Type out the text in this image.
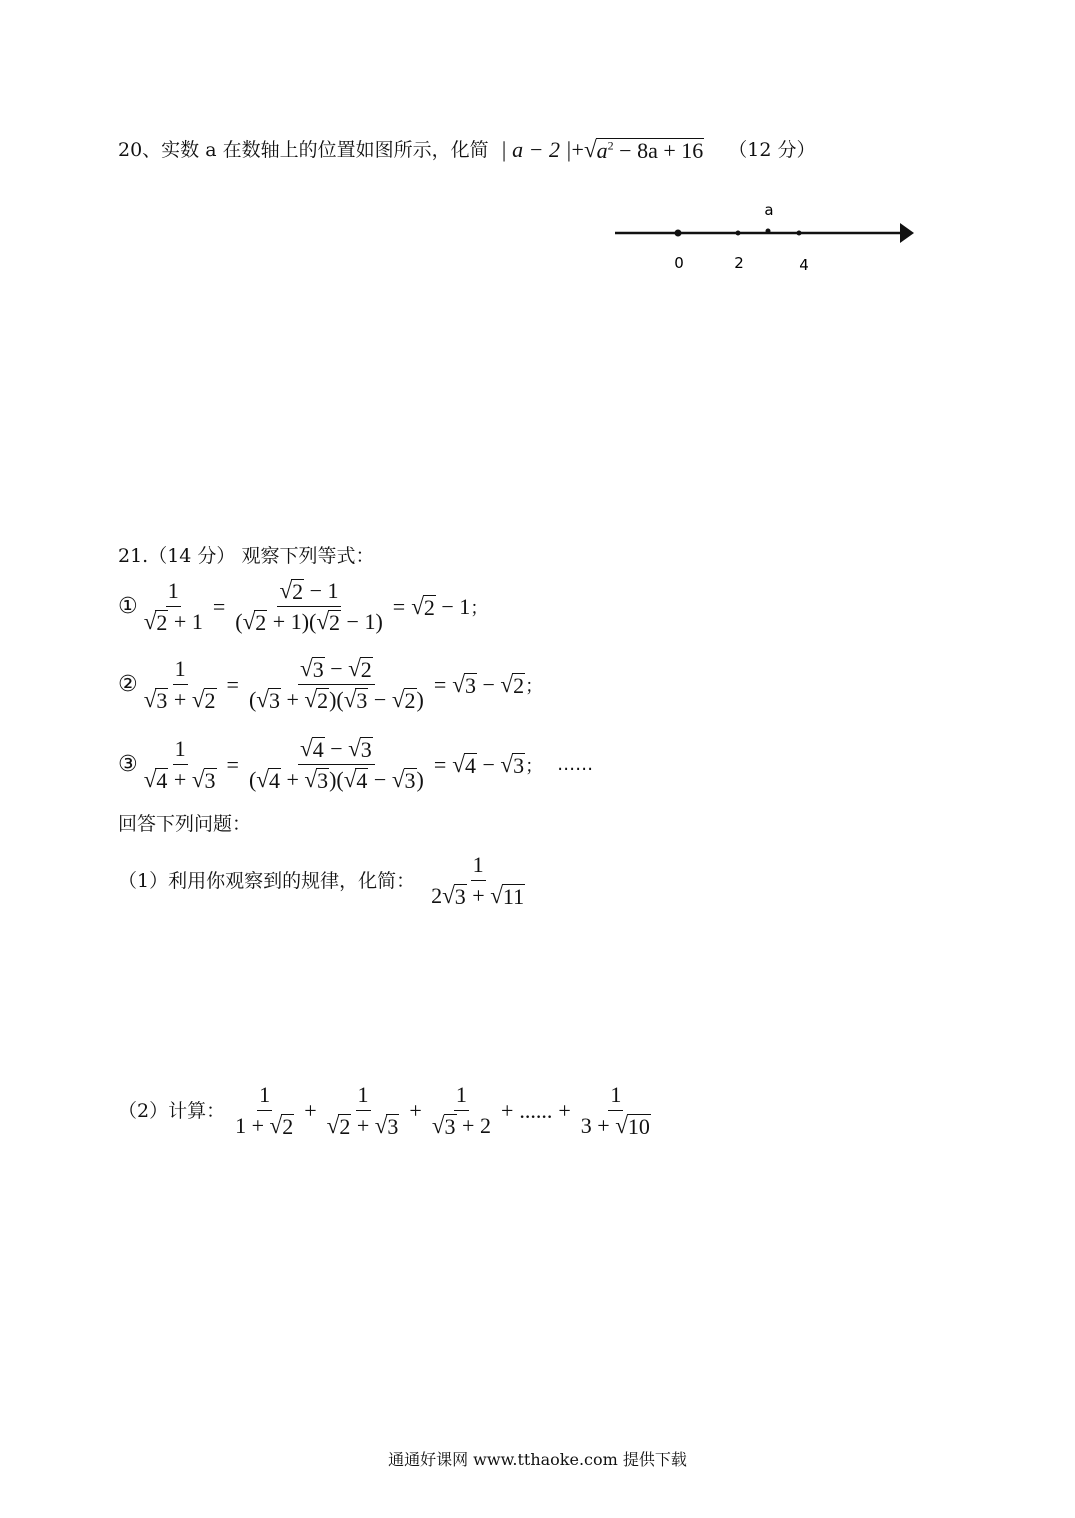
20、实数 a 在数轴上的位置如图所示，化简 | a − 2 | + √ $a^2 - 8a + 16$ （12 分）
a
0	2	4
21.（14 分） 观察下列等式：
① $\frac{1}{√ 2 + 1} = \frac{√ 2 - 1}{( √ 2 + 1)( √ 2 - 1)}$ = √ 2 − 1 ；
② $\frac{1}{√ 3 + √ 2} = \frac{√ 3 - √ 2}{( √ 3 + √ 2 )( √ 3 - √ 2 )}$ = √ 3 − √ 2 ；
③ $\frac{1}{√ 4 + √ 3} = \frac{√ 4 - √ 3}{( √ 4 + √ 3 )( √ 4 - √ 3 )}$ = √ 4 − √ 3 ； ……
回答下列问题：
（1）利用你观察到的规律，化简： $\frac{1}{2 √ 3 + √ 11}$
（2）计算： $\frac{1}{1 + √ 2} + \frac{1}{√ 2 + √ 3} + \frac{1}{√ 3 + 2}$ + ...... + $\frac{1}{3 + √ 10}$
通通好课网 www.tthaoke.com 提供下载
